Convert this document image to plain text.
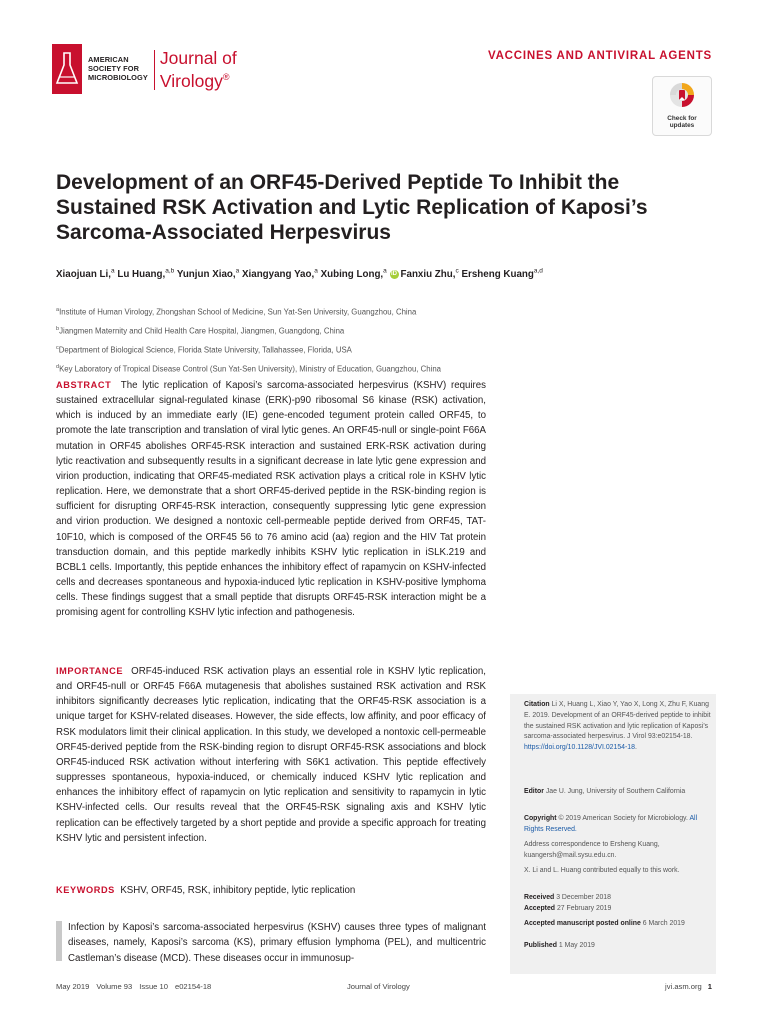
AMERICAN
SOCIETY FOR
MICROBIOLOGY
Journal of
Virology®
VACCINES AND ANTIVIRAL AGENTS
Check for
updates
Development of an ORF45-Derived Peptide To Inhibit the Sustained RSK Activation and Lytic Replication of Kaposi’s Sarcoma-Associated Herpesvirus
Xiaojuan Li,$^a$ Lu Huang,$^{a,b}$ Yunjun Xiao,$^a$ Xiangyang Yao,$^a$ Xubing Long,$^a$ iD Fanxiu Zhu,$^c$ Ersheng Kuang$^{a,d}$
$^a$Institute of Human Virology, Zhongshan School of Medicine, Sun Yat-Sen University, Guangzhou, China
$^b$Jiangmen Maternity and Child Health Care Hospital, Jiangmen, Guangdong, China
$^c$Department of Biological Science, Florida State University, Tallahassee, Florida, USA
$^d$Key Laboratory of Tropical Disease Control (Sun Yat-Sen University), Ministry of Education, Guangzhou, China
ABSTRACT The lytic replication of Kaposi’s sarcoma-associated herpesvirus (KSHV) requires sustained extracellular signal-regulated kinase (ERK)-p90 ribosomal S6 kinase (RSK) activation, which is induced by an immediate early (IE) gene-encoded tegument protein called ORF45, to promote the late transcription and translation of viral lytic genes. An ORF45-null or single-point F66A mutation in ORF45 abolishes ORF45-RSK interaction and sustained ERK-RSK activation during lytic reactivation and subsequently results in a significant decrease in late lytic gene expression and virion production, indicating that ORF45-mediated RSK activation plays a critical role in KSHV lytic replication. Here, we demonstrate that a short ORF45-derived peptide in the RSK-binding region is sufficient for disrupting ORF45-RSK interaction, consequently suppressing lytic gene expression and virion production. We designed a nontoxic cell-permeable peptide derived from ORF45, TAT-10F10, which is composed of the ORF45 56 to 76 amino acid (aa) region and the HIV Tat protein transduction domain, and this peptide markedly inhibits KSHV lytic replication in iSLK.219 and BCBL1 cells. Importantly, this peptide enhances the inhibitory effect of rapamycin on KSHV-infected cells and decreases spontaneous and hypoxia-induced lytic replication in KSHV-positive lymphoma cells. These findings suggest that a small peptide that disrupts ORF45-RSK interaction might be a promising agent for controlling KSHV lytic infection and pathogenesis.
IMPORTANCE ORF45-induced RSK activation plays an essential role in KSHV lytic replication, and ORF45-null or ORF45 F66A mutagenesis that abolishes sustained RSK activation and RSK inhibitors significantly decreases lytic replication, indicating that the ORF45-RSK association is a unique target for KSHV-related diseases. However, the side effects, low affinity, and poor efficacy of RSK modulators limit their clinical application. In this study, we developed a nontoxic cell-permeable ORF45-derived peptide from the RSK-binding region to disrupt ORF45-RSK associations and block ORF45-induced RSK activation without interfering with S6K1 activation. This peptide effectively suppresses spontaneous, hypoxia-induced, or chemically induced KSHV lytic replication and enhances the inhibitory effect of rapamycin on lytic replication and sensitivity to rapamycin in lytic KSHV-infected cells. Our results reveal that the ORF45-RSK signaling axis and KSHV lytic replication can be effectively targeted by a short peptide and provide a specific approach for treating KSHV lytic and persistent infection.
KEYWORDS KSHV, ORF45, RSK, inhibitory peptide, lytic replication
Infection by Kaposi’s sarcoma-associated herpesvirus (KSHV) causes three types of malignant diseases, namely, Kaposi’s sarcoma (KS), primary effusion lymphoma (PEL), and multicentric Castleman’s disease (MCD). These diseases occur in immunosup-
Citation Li X, Huang L, Xiao Y, Yao X, Long X, Zhu F, Kuang E. 2019. Development of an ORF45-derived peptide to inhibit the sustained RSK activation and lytic replication of Kaposi’s sarcoma-associated herpesvirus. J Virol 93:e02154-18. https://doi.org/10.1128/JVI.02154-18.
Editor Jae U. Jung, University of Southern California
Copyright © 2019 American Society for Microbiology. All Rights Reserved.
Address correspondence to Ersheng Kuang, kuangersh@mail.sysu.edu.cn.
X. Li and L. Huang contributed equally to this work.
Received 3 December 2018
Accepted 27 February 2019
Accepted manuscript posted online 6 March 2019
Published 1 May 2019
May 2019 Volume 93 Issue 10 e02154-18	Journal of Virology	jvi.asm.org 1
